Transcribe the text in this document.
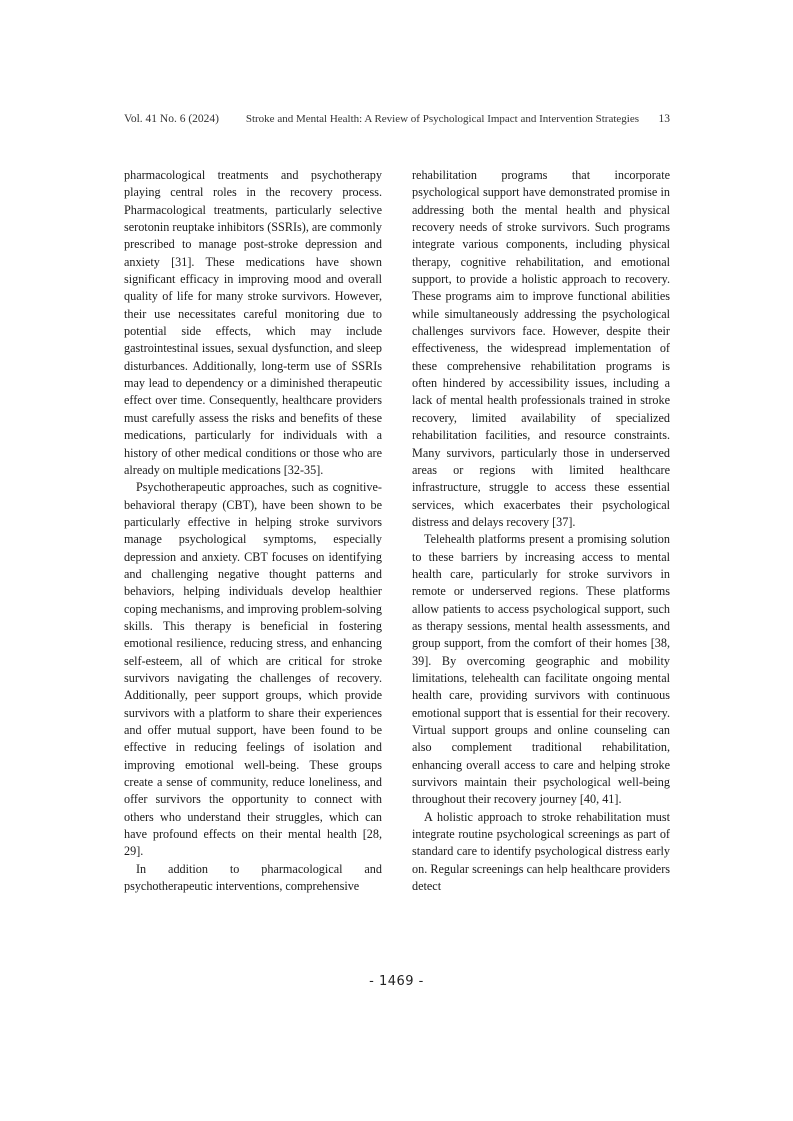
Vol. 41 No. 6 (2024) Stroke and Mental Health: A Review of Psychological Impact and Intervention Strategies 13

pharmacological treatments and psychotherapy playing central roles in the recovery process. Pharmacological treatments, particularly selective serotonin reuptake inhibitors (SSRIs), are commonly prescribed to manage post-stroke depression and anxiety [31]. These medications have shown significant efficacy in improving mood and overall quality of life for many stroke survivors. However, their use necessitates careful monitoring due to potential side effects, which may include gastrointestinal issues, sexual dysfunction, and sleep disturbances. Additionally, long-term use of SSRIs may lead to dependency or a diminished therapeutic effect over time. Consequently, healthcare providers must carefully assess the risks and benefits of these medications, particularly for individuals with a history of other medical conditions or those who are already on multiple medications [32-35].

Psychotherapeutic approaches, such as cognitive-behavioral therapy (CBT), have been shown to be particularly effective in helping stroke survivors manage psychological symptoms, especially depression and anxiety. CBT focuses on identifying and challenging negative thought patterns and behaviors, helping individuals develop healthier coping mechanisms, and improving problem-solving skills. This therapy is beneficial in fostering emotional resilience, reducing stress, and enhancing self-esteem, all of which are critical for stroke survivors navigating the challenges of recovery. Additionally, peer support groups, which provide survivors with a platform to share their experiences and offer mutual support, have been found to be effective in reducing feelings of isolation and improving emotional well-being. These groups create a sense of community, reduce loneliness, and offer survivors the opportunity to connect with others who understand their struggles, which can have profound effects on their mental health [28, 29].

In addition to pharmacological and psychotherapeutic interventions, comprehensive

rehabilitation programs that incorporate psychological support have demonstrated promise in addressing both the mental health and physical recovery needs of stroke survivors. Such programs integrate various components, including physical therapy, cognitive rehabilitation, and emotional support, to provide a holistic approach to recovery. These programs aim to improve functional abilities while simultaneously addressing the psychological challenges survivors face. However, despite their effectiveness, the widespread implementation of these comprehensive rehabilitation programs is often hindered by accessibility issues, including a lack of mental health professionals trained in stroke recovery, limited availability of specialized rehabilitation facilities, and resource constraints. Many survivors, particularly those in underserved areas or regions with limited healthcare infrastructure, struggle to access these essential services, which exacerbates their psychological distress and delays recovery [37].

Telehealth platforms present a promising solution to these barriers by increasing access to mental health care, particularly for stroke survivors in remote or underserved regions. These platforms allow patients to access psychological support, such as therapy sessions, mental health assessments, and group support, from the comfort of their homes [38, 39]. By overcoming geographic and mobility limitations, telehealth can facilitate ongoing mental health care, providing survivors with continuous emotional support that is essential for their recovery. Virtual support groups and online counseling can also complement traditional rehabilitation, enhancing overall access to care and helping stroke survivors maintain their psychological well-being throughout their recovery journey [40, 41].

A holistic approach to stroke rehabilitation must integrate routine psychological screenings as part of standard care to identify psychological distress early on. Regular screenings can help healthcare providers detect

- 1469 -
